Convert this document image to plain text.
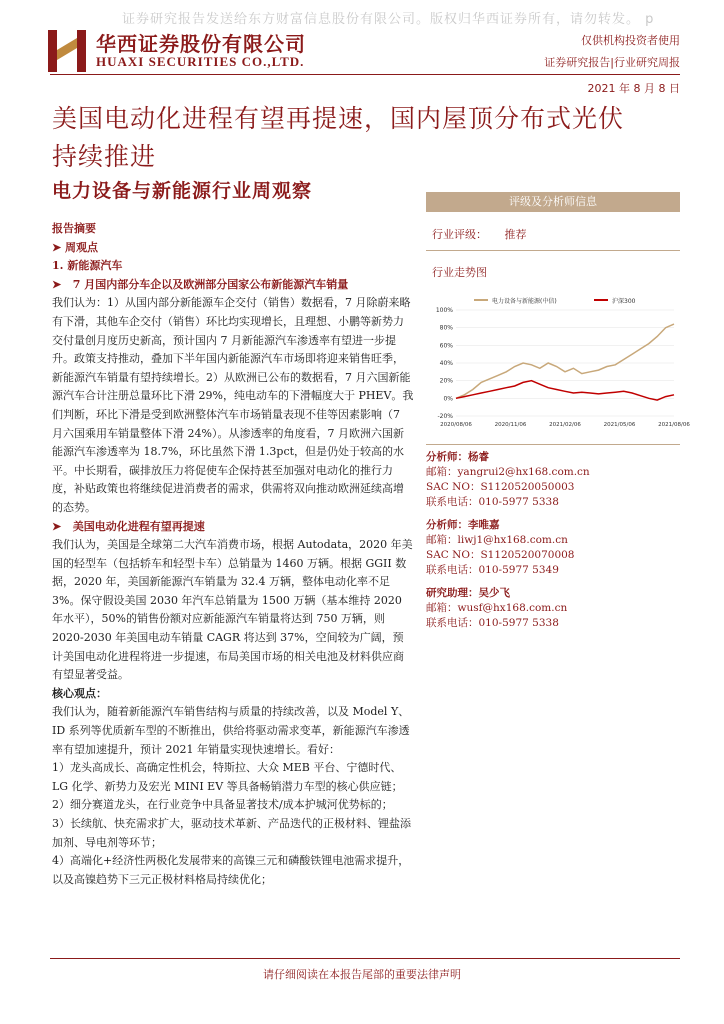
证券研究报告发送给东方财富信息股份有限公司。版权归华西证券所有，请勿转发。 p
华西证券股份有限公司
HUAXI SECURITIES CO.,LTD.
仅供机构投资者使用
证券研究报告|行业研究周报
2021 年 8 月 8 日
美国电动化进程有望再提速，国内屋顶分布式光伏
持续推进
电力设备与新能源行业周观察

报告摘要

➤ 周观点

1. 新能源汽车

➤   7 月国内部分车企以及欧洲部分国家公布新能源汽车销量

我们认为：1）从国内部分新能源车企交付（销售）数据看，7 月除蔚来略有下滑，其他车企交付（销售）环比均实现增长，且理想、小鹏等新势力交付量创月度历史新高，预计国内 7 月新能源汽车渗透率有望进一步提升。政策支持推动，叠加下半年国内新能源汽车市场即将迎来销售旺季，新能源汽车销量有望持续增长。2）从欧洲已公布的数据看，7 月六国新能源汽车合计注册总量环比下滑 29%，纯电动车的下滑幅度大于 PHEV。我们判断，环比下滑是受到欧洲整体汽车市场销量表现不佳等因素影响（7 月六国乘用车销量整体下滑 24%）。从渗透率的角度看，7 月欧洲六国新能源汽车渗透率为 18.7%，环比虽然下滑 1.3pct，但是仍处于较高的水平。中长期看，碳排放压力将促使车企保持甚至加强对电动化的推行力度，补贴政策也将继续促进消费者的需求，供需将双向推动欧洲延续高增的态势。

➤   美国电动化进程有望再提速

我们认为，美国是全球第二大汽车消费市场，根据 Autodata，2020 年美国的轻型车（包括轿车和轻型卡车）总销量为 1460 万辆。根据 GGII 数据，2020 年，美国新能源汽车销量为 32.4 万辆，整体电动化率不足 3%。保守假设美国 2030 年汽车总销量为 1500 万辆（基本维持 2020 年水平），50%的销售份额对应新能源汽车销量将达到 750 万辆，则 2020-2030 年美国电动车销量 CAGR 将达到 37%，空间较为广阔，预计美国电动化进程将进一步提速，布局美国市场的相关电池及材料供应商有望显著受益。

核心观点：

我们认为，随着新能源汽车销售结构与质量的持续改善，以及 Model Y、ID 系列等优质新车型的不断推出，供给将驱动需求变革，新能源汽车渗透率有望加速提升，预计 2021 年销量实现快速增长。看好：

1）龙头高成长、高确定性机会，特斯拉、大众 MEB 平台、宁德时代、LG 化学、新势力及宏光 MINI EV 等具备畅销潜力车型的核心供应链；

2）细分赛道龙头，在行业竞争中具备显著技术/成本护城河优势标的；

3）长续航、快充需求扩大，驱动技术革新、产品迭代的正极材料、锂盐添加剂、导电剂等环节；

4）高端化+经济性两极化发展带来的高镍三元和磷酸铁锂电池需求提升，以及高镍趋势下三元正极材料格局持续优化；

评级及分析师信息
行业评级： 推荐
行业走势图
电力设备与新能源(中信)	沪深300
100%
80%
60%
40%
20%
0%
-20%
2020/08/06	2020/11/06	2021/02/06	2021/05/06	2021/08/06
分析师：杨睿
邮箱：yangrui2@hx168.com.cn
SAC NO：S1120520050003
联系电话：010-5977 5338
分析师：李唯嘉
邮箱：liwj1@hx168.com.cn
SAC NO：S1120520070008
联系电话：010-5977 5349
研究助理：吴少飞
邮箱：wusf@hx168.com.cn
联系电话：010-5977 5338
请仔细阅读在本报告尾部的重要法律声明
